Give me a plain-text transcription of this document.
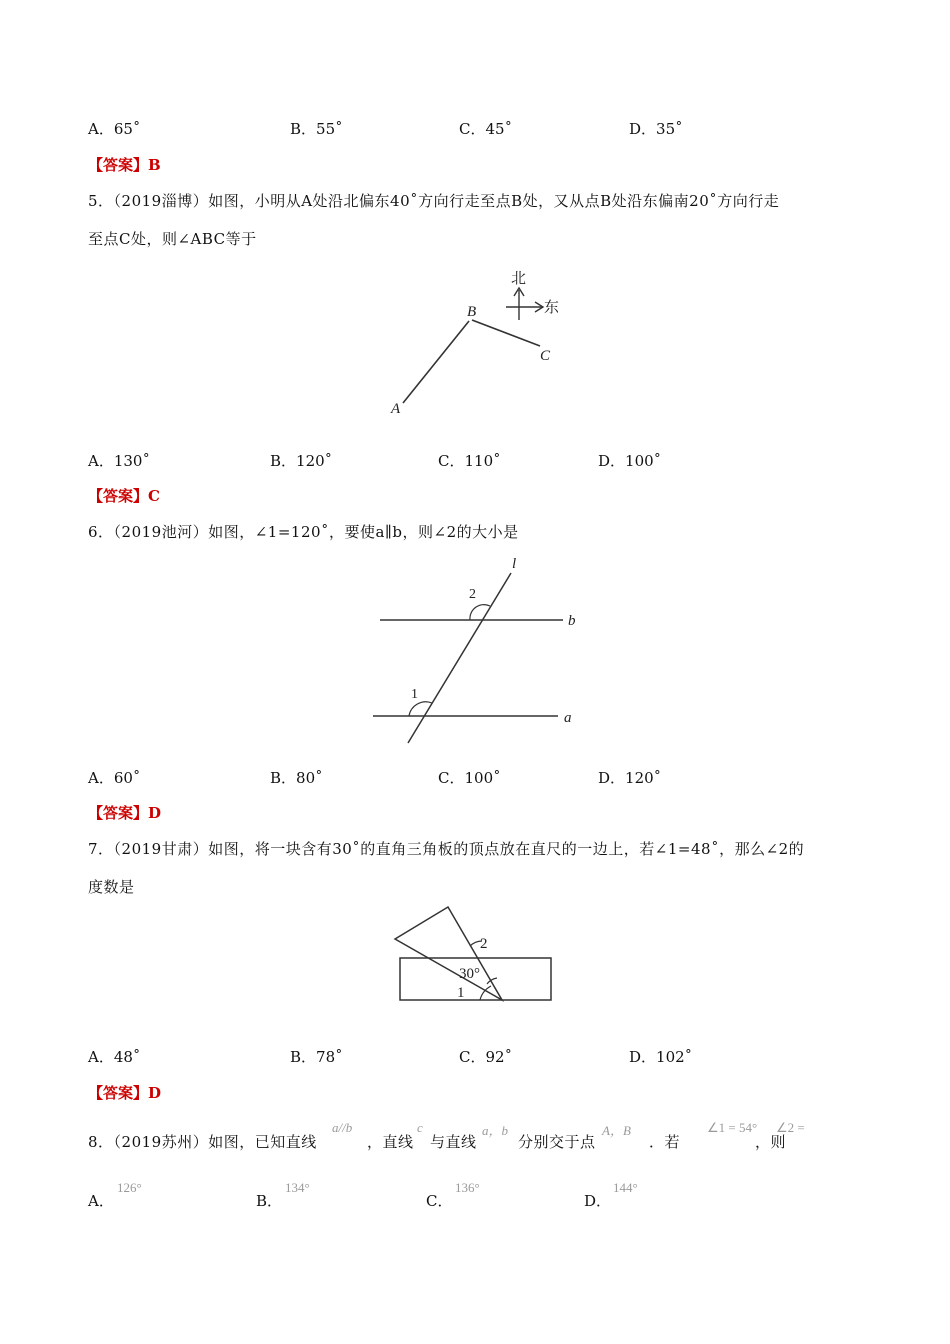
A．65˚	B．55˚	C．45˚	D．35˚
【答案】B
5．（2019淄博）如图，小明从A处沿北偏东40˚方向行走至点B处，又从点B处沿东偏南20˚方向行走
至点C处，则∠ABC等于
北
东
B
C
A
A．130˚	B．120˚	C．110˚	D．100˚
【答案】C
6．（2019池河）如图，∠1=120˚，要使a∥b，则∠2的大小是
l
b
a
2
1
A．60˚	B．80˚	C．100˚	D．120˚
【答案】D
7．（2019甘肃）如图，将一块含有30˚的直角三角板的顶点放在直尺的一边上，若∠1=48˚，那么∠2的
度数是
2
30°
1
A．48˚	B．78˚	C．92˚	D．102˚
【答案】D
8．（2019苏州）如图，已知直线
a//b
，直线
c
与直线
a，b
分别交于点
A，B
．若
∠1 = 54°
，则
∠2 =
A．
126°
B．
134°
C．
136°
D．
144°
